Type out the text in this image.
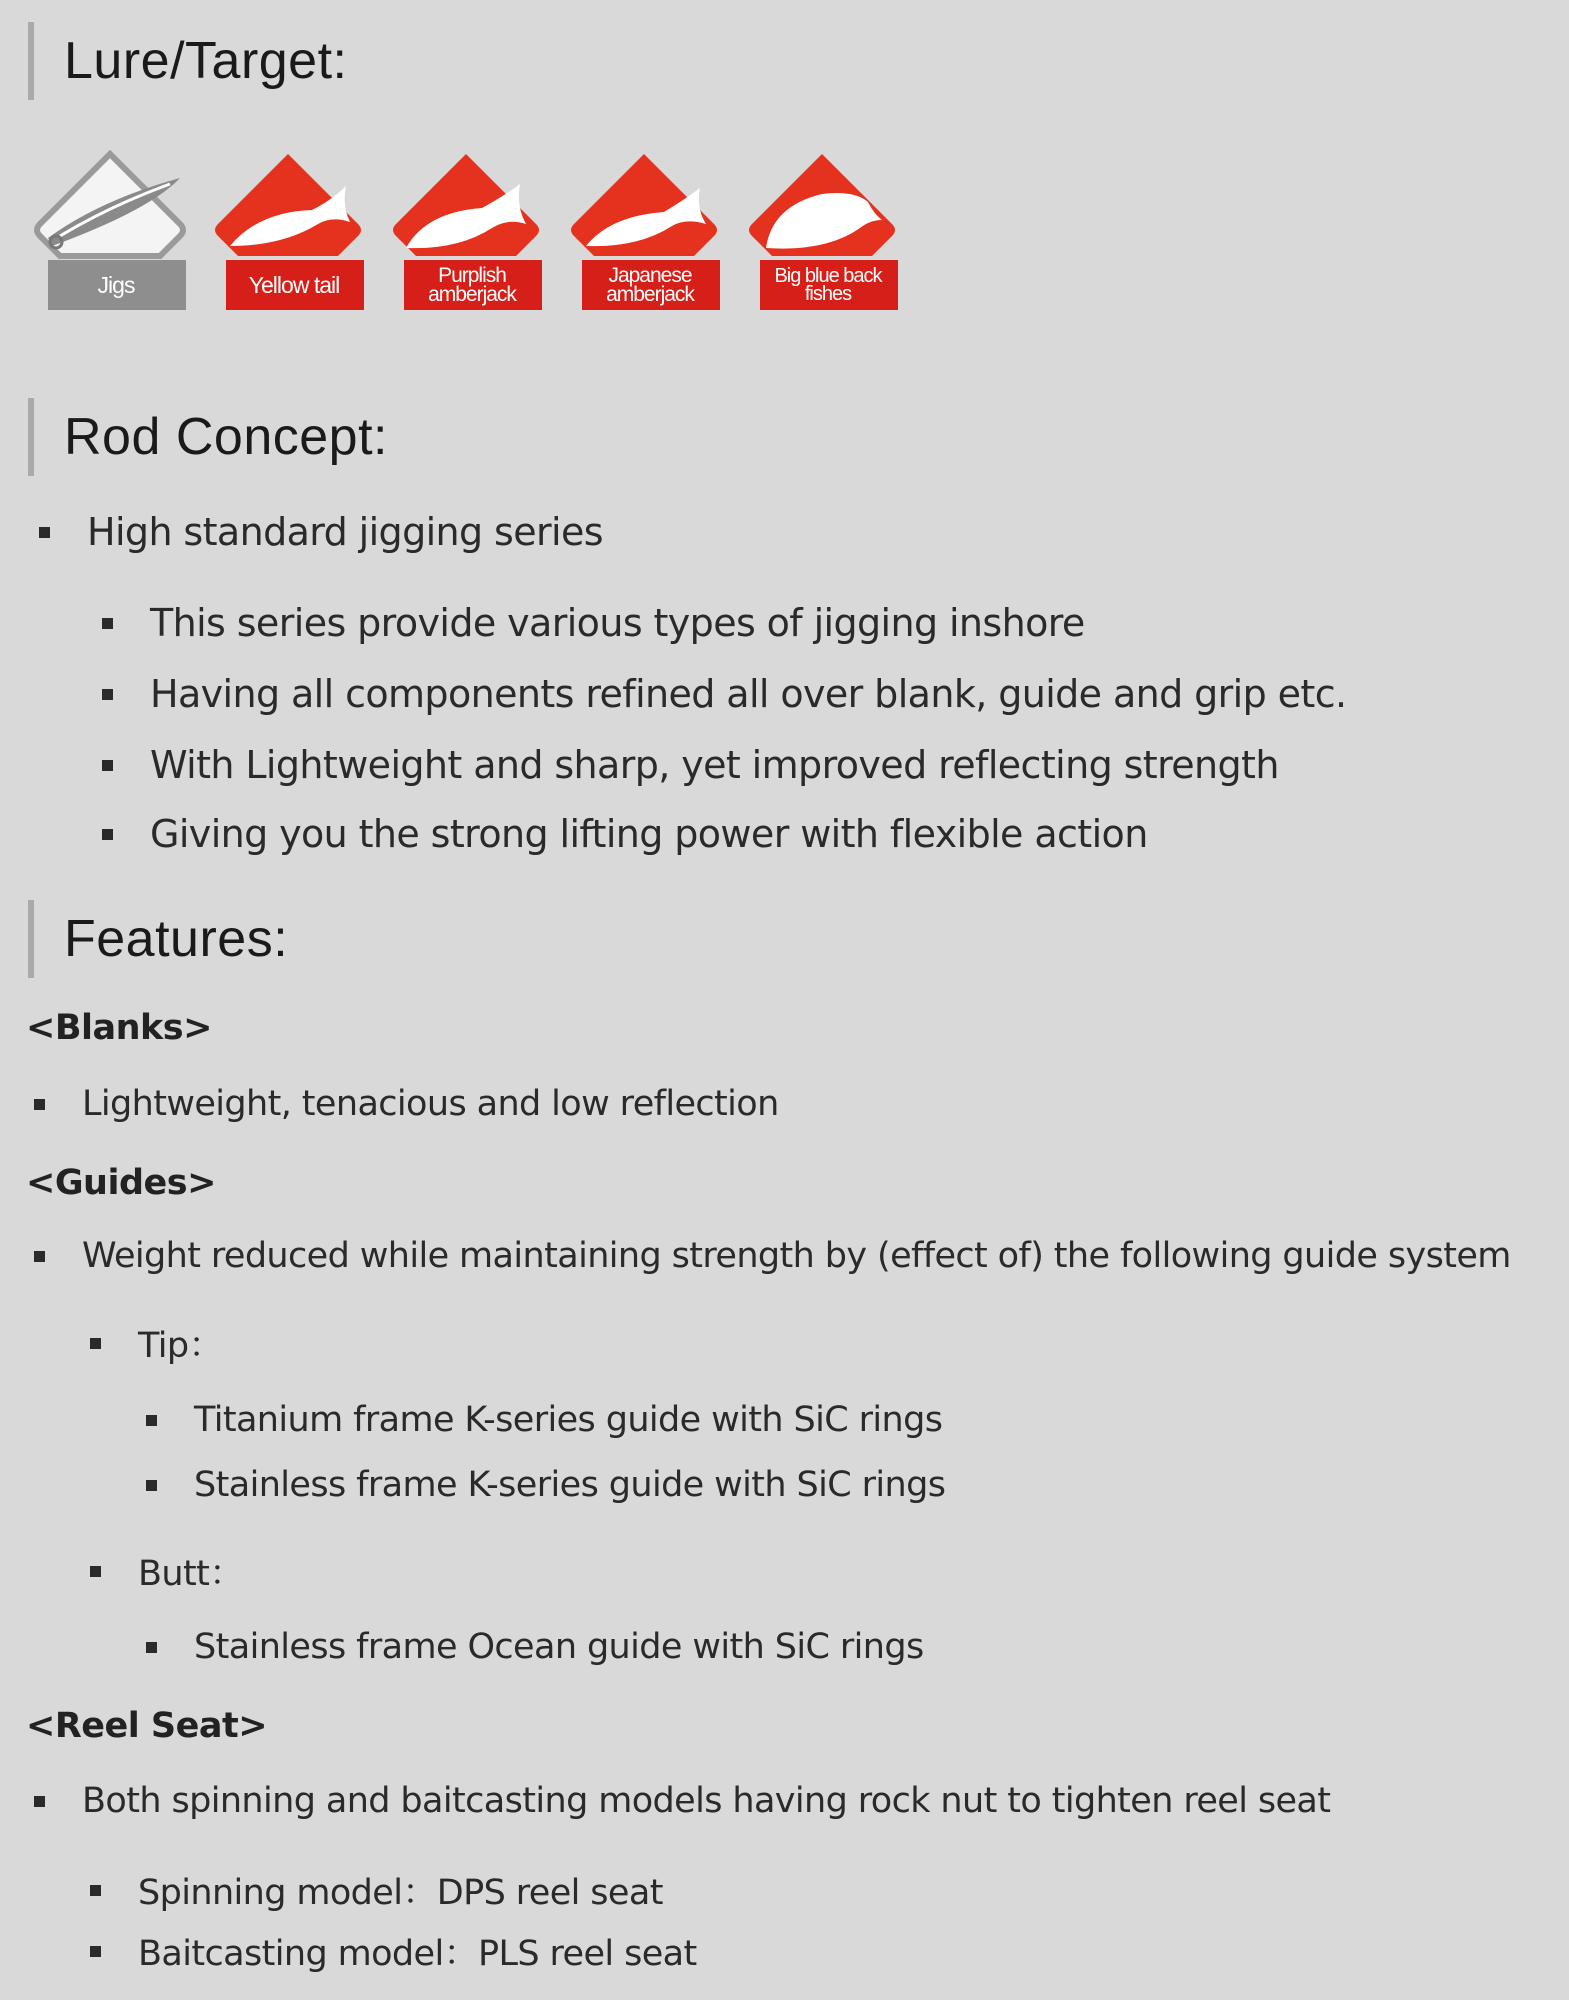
Lure/Target:
Jigs	Yellow tail	Purplish amberjack
Japanese amberjack
Big blue back fishes
Rod Concept:
High standard jigging series
This series provide various types of jigging inshore
Having all components refined all over blank, guide and grip etc.
With Lightweight and sharp, yet improved reflecting strength
Giving you the strong lifting power with flexible action
Features:
<Blanks>
Lightweight, tenacious and low reflection
<Guides>
Weight reduced while maintaining strength by (effect of) the following guide system
Tip：
Titanium frame K-series guide with SiC rings
Stainless frame K-series guide with SiC rings
Butt：
Stainless frame Ocean guide with SiC rings
<Reel Seat>
Both spinning and baitcasting models having rock nut to tighten reel seat
Spinning model：DPS reel seat
Baitcasting model：PLS reel seat
